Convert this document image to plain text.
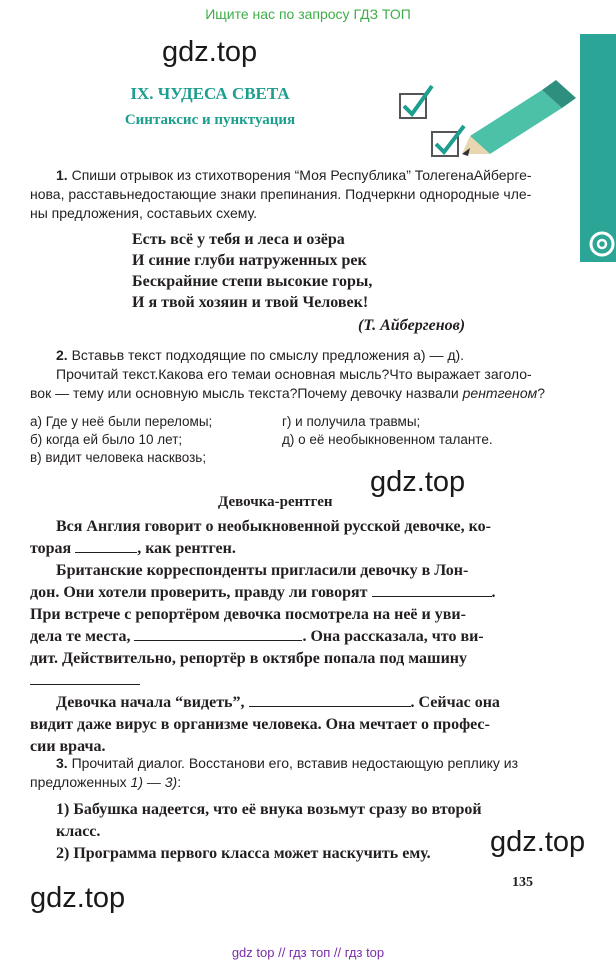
Ищите нас по запросу ГДЗ ТОП
gdz.top
gdz.top
gdz.top
gdz.top
IX. ЧУДЕСА СВЕТА
Синтаксис и пунктуация
1. Спиши отрывок из стихотворения “Моя Республика” ТолегенаАйберге-
нова, расставьнедостающие знаки препинания. Подчеркни однородные чле-
ны предложения, составьих схему.
Есть всё у тебя и леса и озёра
И синие глуби натруженных рек
Бескрайние степи высокие горы,
И я твой хозяин и твой Человек!
(Т. Айбергенов)
2. Вставьв текст подходящие по смыслу предложения а) — д).
Прочитай текст.Какова его темаи основная мысль?Что выражает заголо-
вок — тему или основную мысль текста?Почему девочку назвали рентгеном?
а) Где у неё были переломы;
б) когда ей было 10 лет;
в) видит человека насквозь;
г) и получила травмы;
д) о её необыкновенном таланте.
Девочка-рентген
Вся Англия говорит о необыкновенной русской девочке, ко-
торая	, как рентген.
Британские корреспонденты пригласили девочку в Лон-
дон. Они хотели проверить, правду ли говорят	.
При встрече с репортёром девочка посмотрела на неё и уви-
дела те места,	. Она рассказала, что ви-
дит. Действительно, репортёр в октябре попала под машину
Девочка начала “видеть”,	. Сейчас она
видит даже вирус в организме человека. Она мечтает о профес-
сии врача.
3. Прочитай диалог. Восстанови его, вставив недостающую реплику из
предложенных 1) — 3):
1) Бабушка надеется, что её внука возьмут сразу во второй
класс.
2) Программа первого класса может наскучить ему.
135
gdz top // гдз топ // гдз top
